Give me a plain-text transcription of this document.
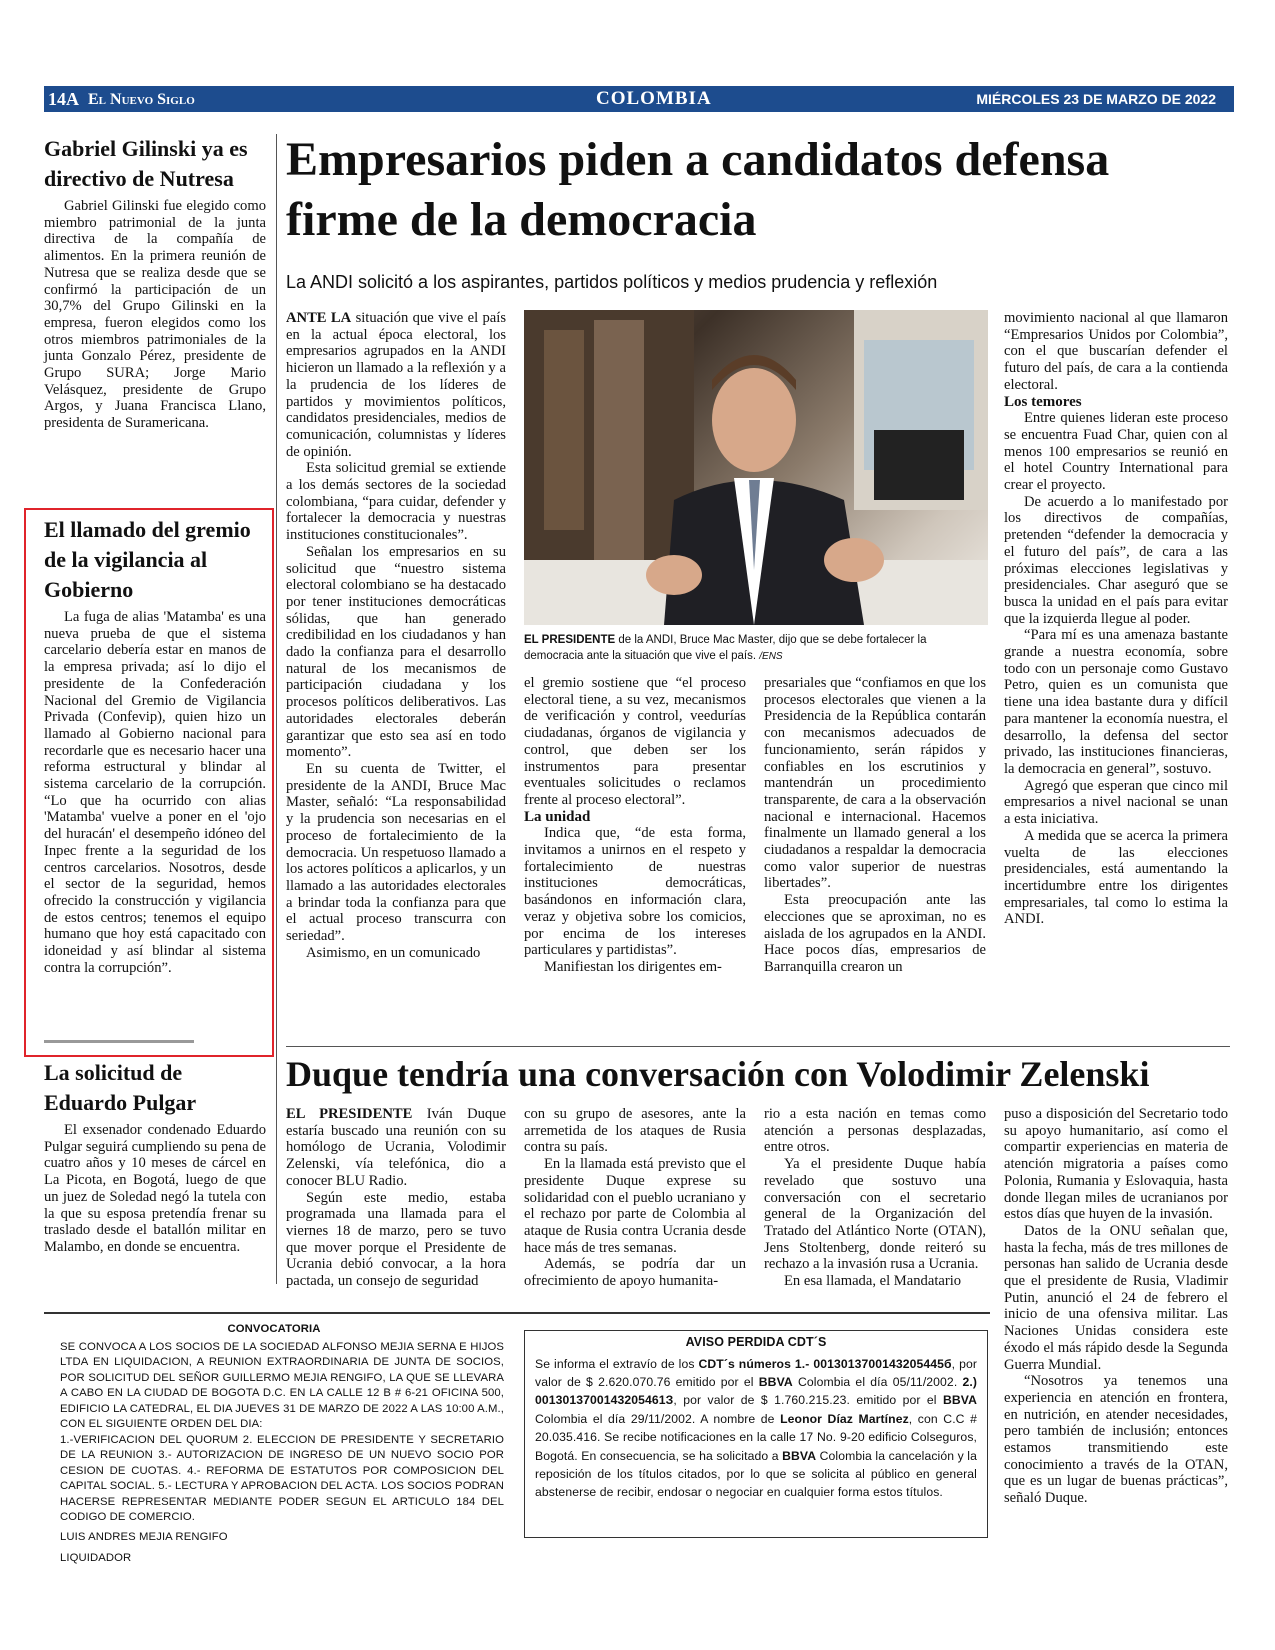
14A El Nuevo Siglo	COLOMBIA	MIÉRCOLES 23 DE MARZO DE 2022
Gabriel Gilinski ya es directivo de Nutresa

Gabriel Gilinski fue elegido como miembro patrimonial de la junta directiva de la compañía de alimentos. En la primera reunión de Nutresa que se realiza desde que se confirmó la participación de un 30,7% del Grupo Gilinski en la empresa, fueron elegidos como los otros miembros patrimoniales de la junta Gonzalo Pérez, presidente de Grupo SURA; Jorge Mario Velásquez, presidente de Grupo Argos, y Juana Francisca Llano, presidenta de Suramericana.

El llamado del gremio de la vigilancia al Gobierno

La fuga de alias 'Matamba' es una nueva prueba de que el sistema carcelario debería estar en manos de la empresa privada; así lo dijo el presidente de la Confederación Nacional del Gremio de Vigilancia Privada (Confevip), quien hizo un llamado al Gobierno nacional para recordarle que es necesario hacer una reforma estructural y blindar al sistema carcelario de la corrupción. “Lo que ha ocurrido con alias 'Matamba' vuelve a poner en el 'ojo del huracán' el desempeño idóneo del Inpec frente a la seguridad de los centros carcelarios. Nosotros, desde el sector de la seguridad, hemos ofrecido la construcción y vigilancia de estos centros; tenemos el equipo humano que hoy está capacitado con idoneidad y así blindar al sistema contra la corrupción”.

La solicitud de Eduardo Pulgar

El exsenador condenado Eduardo Pulgar seguirá cumpliendo su pena de cuatro años y 10 meses de cárcel en La Picota, en Bogotá, luego de que un juez de Soledad negó la tutela con la que su esposa pretendía frenar su traslado desde el batallón militar en Malambo, en donde se encuentra.

Empresarios piden a candidatos defensa firme de la democracia
La ANDI solicitó a los aspirantes, partidos políticos y medios prudencia y reflexión

ANTE LA situación que vive el país en la actual época electoral, los empresarios agrupados en la ANDI hicieron un llamado a la reflexión y a la prudencia de los líderes de partidos y movimientos políticos, candidatos presidenciales, medios de comunicación, columnistas y líderes de opinión.

Esta solicitud gremial se extiende a los demás sectores de la sociedad colombiana, “para cuidar, defender y fortalecer la democracia y nuestras instituciones constitucionales”.

Señalan los empresarios en su solicitud que “nuestro sistema electoral colombiano se ha destacado por tener instituciones democráticas sólidas, que han generado credibilidad en los ciudadanos y han dado la confianza para el desarrollo natural de los mecanismos de participación ciudadana y los procesos políticos deliberativos. Las autoridades electorales deberán garantizar que esto sea así en todo momento”.

En su cuenta de Twitter, el presidente de la ANDI, Bruce Mac Master, señaló: “La responsabilidad y la prudencia son necesarias en el proceso de fortalecimiento de la democracia. Un respetuoso llamado a los actores políticos a aplicarlos, y un llamado a las autoridades electorales a brindar toda la confianza para que el actual proceso transcurra con seriedad”.

Asimismo, en un comunicado

EL PRESIDENTE de la ANDI, Bruce Mac Master, dijo que se debe fortalecer la democracia ante la situación que vive el país. /ENS

el gremio sostiene que “el proceso electoral tiene, a su vez, mecanismos de verificación y control, veedurías ciudadanas, órganos de vigilancia y control, que deben ser los instrumentos para presentar eventuales solicitudes o reclamos frente al proceso electoral”.

La unidad

Indica que, “de esta forma, invitamos a unirnos en el respeto y fortalecimiento de nuestras instituciones democráticas, basándonos en información clara, veraz y objetiva sobre los comicios, por encima de los intereses particulares y partidistas”.

Manifiestan los dirigentes em-

presariales que “confiamos en que los procesos electorales que vienen a la Presidencia de la República contarán con mecanismos adecuados de funcionamiento, serán rápidos y confiables en los escrutinios y mantendrán un procedimiento transparente, de cara a la observación nacional e internacional. Hacemos finalmente un llamado general a los ciudadanos a respaldar la democracia como valor superior de nuestras libertades”.

Esta preocupación ante las elecciones que se aproximan, no es aislada de los agrupados en la ANDI. Hace pocos días, empresarios de Barranquilla crearon un

movimiento nacional al que llamaron “Empresarios Unidos por Colombia”, con el que buscarían defender el futuro del país, de cara a la contienda electoral.

Los temores

Entre quienes lideran este proceso se encuentra Fuad Char, quien con al menos 100 empresarios se reunió en el hotel Country International para crear el proyecto.

De acuerdo a lo manifestado por los directivos de compañías, pretenden “defender la democracia y el futuro del país”, de cara a las próximas elecciones legislativas y presidenciales. Char aseguró que se busca la unidad en el país para evitar que la izquierda llegue al poder.

“Para mí es una amenaza bastante grande a nuestra economía, sobre todo con un personaje como Gustavo Petro, quien es un comunista que tiene una idea bastante dura y difícil para mantener la economía nuestra, el desarrollo, la defensa del sector privado, las instituciones financieras, la democracia en general”, sostuvo.

Agregó que esperan que cinco mil empresarios a nivel nacional se unan a esta iniciativa.

A medida que se acerca la primera vuelta de las elecciones presidenciales, está aumentando la incertidumbre entre los dirigentes empresariales, tal como lo estima la ANDI.

Duque tendría una conversación con Volodimir Zelenski

EL PRESIDENTE Iván Duque estaría buscado una reunión con su homólogo de Ucrania, Volodimir Zelenski, vía telefónica, dio a conocer BLU Radio.

Según este medio, estaba programada una llamada para el viernes 18 de marzo, pero se tuvo que mover porque el Presidente de Ucrania debió convocar, a la hora pactada, un consejo de seguridad

con su grupo de asesores, ante la arremetida de los ataques de Rusia contra su país.

En la llamada está previsto que el presidente Duque exprese su solidaridad con el pueblo ucraniano y el rechazo por parte de Colombia al ataque de Rusia contra Ucrania desde hace más de tres semanas.

Además, se podría dar un ofrecimiento de apoyo humanita-

rio a esta nación en temas como atención a personas desplazadas, entre otros.

Ya el presidente Duque había revelado que sostuvo una conversación con el secretario general de la Organización del Tratado del Atlántico Norte (OTAN), Jens Stoltenberg, donde reiteró su rechazo a la invasión rusa a Ucrania.

En esa llamada, el Mandatario

puso a disposición del Secretario todo su apoyo humanitario, así como el compartir experiencias en materia de atención migratoria a países como Polonia, Rumania y Eslovaquia, hasta donde llegan miles de ucranianos por estos días que huyen de la invasión.

Datos de la ONU señalan que, hasta la fecha, más de tres millones de personas han salido de Ucrania desde que el presidente de Rusia, Vladimir Putin, anunció el 24 de febrero el inicio de una ofensiva militar. Las Naciones Unidas considera este éxodo el más rápido desde la Segunda Guerra Mundial.

“Nosotros ya tenemos una experiencia en atención en frontera, en nutrición, en atender necesidades, pero también de inclusión; entonces estamos transmitiendo este conocimiento a través de la OTAN, que es un lugar de buenas prácticas”, señaló Duque.

CONVOCATORIA
SE CONVOCA A LOS SOCIOS DE LA SOCIEDAD ALFONSO MEJIA SERNA E HIJOS LTDA EN LIQUIDACION, A REUNION EXTRAORDINARIA DE JUNTA DE SOCIOS, POR SOLICITUD DEL SEÑOR GUILLERMO MEJIA RENGIFO, LA QUE SE LLEVARA A CABO EN LA CIUDAD DE BOGOTA D.C. EN LA CALLE 12 B # 6-21 OFICINA 500, EDIFICIO LA CATEDRAL, EL DIA JUEVES 31 DE MARZO DE 2022 A LAS 10:00 A.M., CON EL SIGUIENTE ORDEN DEL DIA:
1.-VERIFICACION DEL QUORUM 2. ELECCION DE PRESIDENTE Y SECRETARIO DE LA REUNION 3.- AUTORIZACION DE INGRESO DE UN NUEVO SOCIO POR CESION DE CUOTAS. 4.- REFORMA DE ESTATUTOS POR COMPOSICION DEL CAPITAL SOCIAL. 5.- LECTURA Y APROBACION DEL ACTA. LOS SOCIOS PODRAN HACERSE REPRESENTAR MEDIANTE PODER SEGUN EL ARTICULO 184 DEL CODIGO DE COMERCIO.
LUIS ANDRES MEJIA RENGIFO
LIQUIDADOR
AVISO PERDIDA CDT´S
Se informa el extravío de los CDT´s números 1.- 0013013700143205445б, por valor de $ 2.620.070.76 emitido por el BBVA Colombia el día 05/11/2002. 2.) 0013013700143205461З, por valor de $ 1.760.215.23. emitido por el BBVA Colombia el día 29/11/2002. A nombre de Leonor Díaz Martínez, con C.C # 20.035.416. Se recibe notificaciones en la calle 17 No. 9-20 edificio Colseguros, Bogotá. En consecuencia, se ha solicitado a BBVA Colombia la cancelación y la reposición de los títulos citados, por lo que se solicita al público en general abstenerse de recibir, endosar o negociar en cualquier forma estos títulos.
